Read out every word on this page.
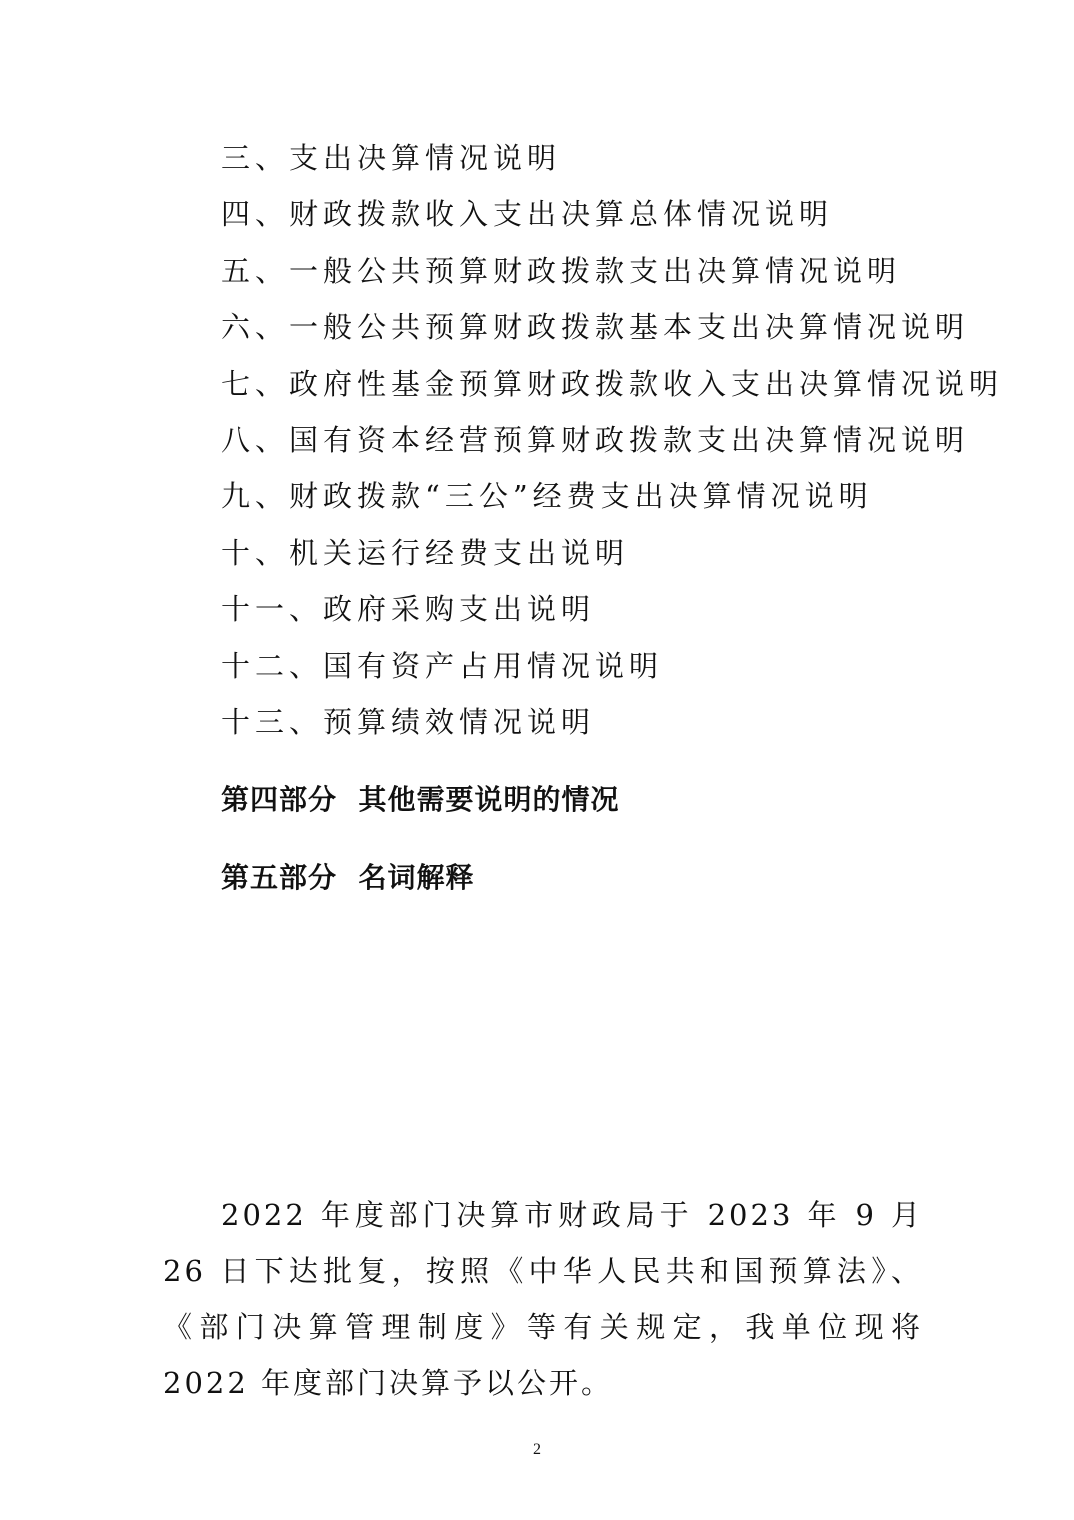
三、支出决算情况说明
四、财政拨款收入支出决算总体情况说明
五、一般公共预算财政拨款支出决算情况说明
六、一般公共预算财政拨款基本支出决算情况说明
七、政府性基金预算财政拨款收入支出决算情况说明
八、国有资本经营预算财政拨款支出决算情况说明
九、财政拨款“三公”经费支出决算情况说明
十、机关运行经费支出说明
十一、政府采购支出说明
十二、国有资产占用情况说明
十三、预算绩效情况说明
第四部分  其他需要说明的情况
第五部分  名词解释

2022 年度部门决算市财政局于 2023 年 9 月 26 日下达批复，按照《中华人民共和国预算法》、《部门决算管理制度》等有关规定，我单位现将 2022 年度部门决算予以公开。

2
